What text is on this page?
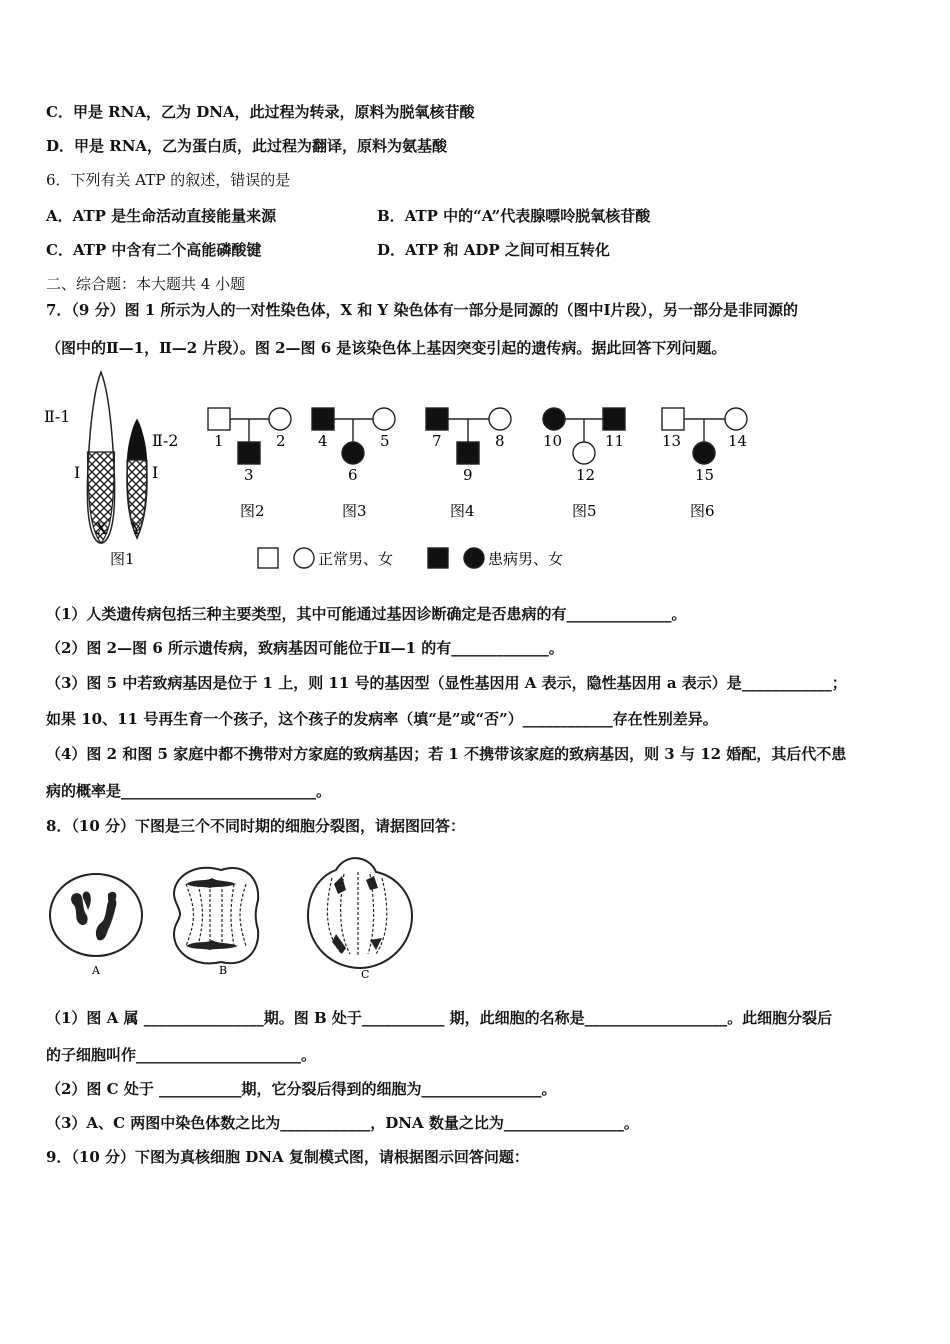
C．甲是 RNA，乙为 DNA，此过程为转录，原料为脱氧核苷酸
D．甲是 RNA，乙为蛋白质，此过程为翻译，原料为氨基酸
6．下列有关 ATP 的叙述，错误的是
A．ATP 是生命活动直接能量来源	B．ATP 中的“A”代表腺嘌呤脱氧核苷酸
C．ATP 中含有二个高能磷酸键	D．ATP 和 ADP 之间可相互转化
二、综合题：本大题共 4 小题
7．（9 分）图 1 所示为人的一对性染色体，X 和 Y 染色体有一部分是同源的（图中Ⅰ片段），另一部分是非同源的
（图中的Ⅱ—1，Ⅱ—2 片段）。图 2—图 6 是该染色体上基因突变引起的遗传病。据此回答下列问题。
Ⅱ-1
Ⅱ-2
Ⅰ	Ⅰ
X Y
图1
1	2
3
图2
4	5
6
图3
7	8
9
图4
10	11
12
图5
13	14
15
图6
正常男、女	患病男、女
（1）人类遗传病包括三种主要类型，其中可能通过基因诊断确定是否患病的有______________。
（2）图 2—图 6 所示遗传病，致病基因可能位于Ⅱ—1 的有_____________。
（3）图 5 中若致病基因是位于 1 上，则 11 号的基因型（显性基因用 A 表示，隐性基因用 a 表示）是____________；
如果 10、11 号再生育一个孩子，这个孩子的发病率（填“是”或“否”）____________存在性别差异。
（4）图 2 和图 5 家庭中都不携带对方家庭的致病基因；若 1 不携带该家庭的致病基因，则 3 与 12 婚配，其后代不患
病的概率是__________________________。
8．（10 分）下图是三个不同时期的细胞分裂图，请据图回答：
A	B	C
（1）图 A 属 ________________期。图 B 处于___________ 期，此细胞的名称是___________________。此细胞分裂后
的子细胞叫作______________________。
（2）图 C 处于 ___________期，它分裂后得到的细胞为________________。
（3）A、C 两图中染色体数之比为____________，DNA 数量之比为________________。
9．（10 分）下图为真核细胞 DNA 复制模式图，请根据图示回答问题：
